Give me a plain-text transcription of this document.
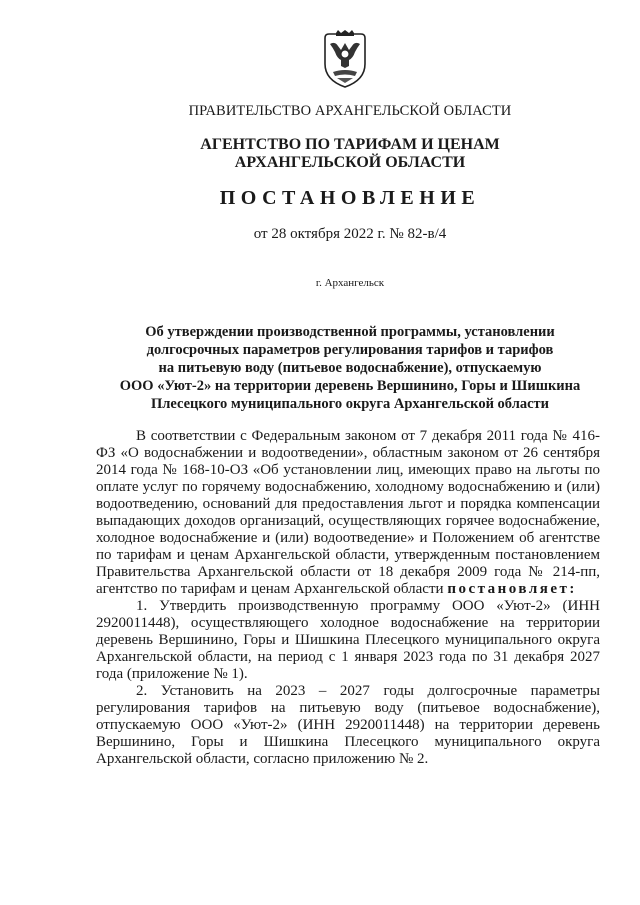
ПРАВИТЕЛЬСТВО АРХАНГЕЛЬСКОЙ ОБЛАСТИ
АГЕНТСТВО ПО ТАРИФАМ И ЦЕНАМ
АРХАНГЕЛЬСКОЙ ОБЛАСТИ
ПОСТАНОВЛЕНИЕ
от 28 октября 2022 г. № 82-в/4
г. Архангельск
Об утверждении производственной программы, установлении
долгосрочных параметров регулирования тарифов и тарифов
на питьевую воду (питьевое водоснабжение), отпускаемую
ООО «Уют-2» на территории деревень Вершинино, Горы и Шишкина
Плесецкого муниципального округа Архангельской области

В соответствии с Федеральным законом от 7 декабря 2011 года № 416-ФЗ «О водоснабжении и водоотведении», областным законом от 26 сентября 2014 года № 168-10-ОЗ «Об установлении лиц, имеющих право на льготы по оплате услуг по горячему водоснабжению, холодному водоснабжению и (или) водоотведению, оснований для предоставления льгот и порядка компенсации выпадающих доходов организаций, осуществляющих горячее водоснабжение, холодное водоснабжение и (или) водоотведение» и Положением об агентстве по тарифам и ценам Архангельской области, утвержденным постановлением Правительства Архангельской области от 18 декабря 2009 года № 214-пп, агентство по тарифам и ценам Архангельской области постановляет:

1. Утвердить производственную программу ООО «Уют-2» (ИНН 2920011448), осуществляющего холодное водоснабжение на территории деревень Вершинино, Горы и Шишкина Плесецкого муниципального округа Архангельской области, на период с 1 января 2023 года по 31 декабря 2027 года (приложение № 1).

2. Установить на 2023 – 2027 годы долгосрочные параметры регулирования тарифов на питьевую воду (питьевое водоснабжение), отпускаемую ООО «Уют-2» (ИНН 2920011448) на территории деревень Вершинино, Горы и Шишкина Плесецкого муниципального округа Архангельской области, согласно приложению № 2.
